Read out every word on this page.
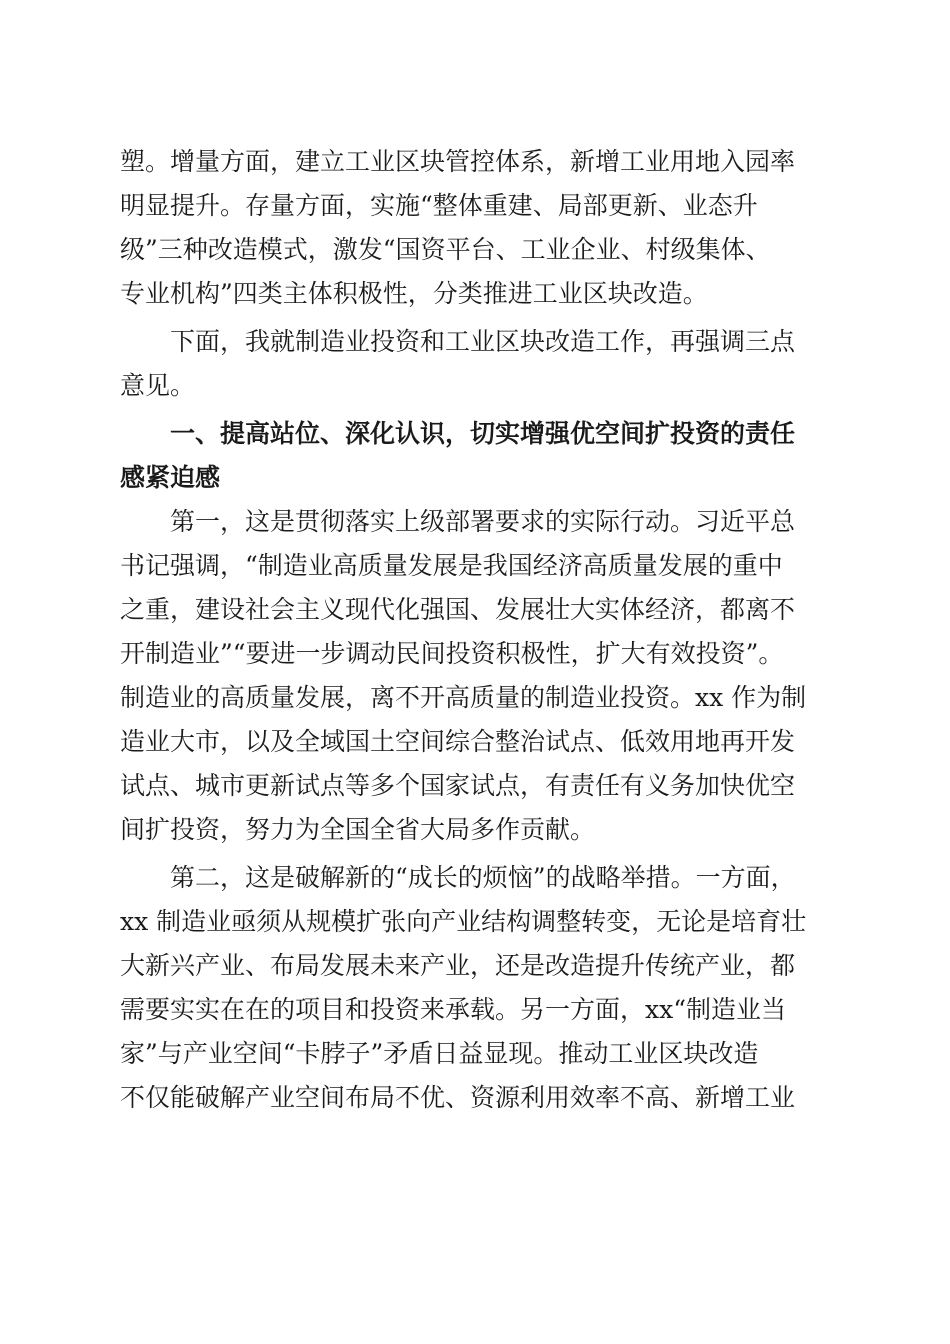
塑。增量方面，建立工业区块管控体系，新增工业用地入园率

明显提升。存量方面，实施“整体重建、局部更新、业态升

级”三种改造模式，激发“国资平台、工业企业、村级集体、

专业机构”四类主体积极性，分类推进工业区块改造。

下面，我就制造业投资和工业区块改造工作，再强调三点

意见。

一、提高站位、深化认识，切实增强优空间扩投资的责任

感紧迫感

第一，这是贯彻落实上级部署要求的实际行动。习近平总

书记强调，“制造业高质量发展是我国经济高质量发展的重中

之重，建设社会主义现代化强国、发展壮大实体经济，都离不

开制造业”“要进一步调动民间投资积极性，扩大有效投资”。

制造业的高质量发展，离不开高质量的制造业投资。xx 作为制

造业大市，以及全域国土空间综合整治试点、低效用地再开发

试点、城市更新试点等多个国家试点，有责任有义务加快优空

间扩投资，努力为全国全省大局多作贡献。

第二，这是破解新的“成长的烦恼”的战略举措。一方面，

xx 制造业亟须从规模扩张向产业结构调整转变，无论是培育壮

大新兴产业、布局发展未来产业，还是改造提升传统产业，都

需要实实在在的项目和投资来承载。另一方面，xx“制造业当

家”与产业空间“卡脖子”矛盾日益显现。推动工业区块改造

不仅能破解产业空间布局不优、资源利用效率不高、新增工业
